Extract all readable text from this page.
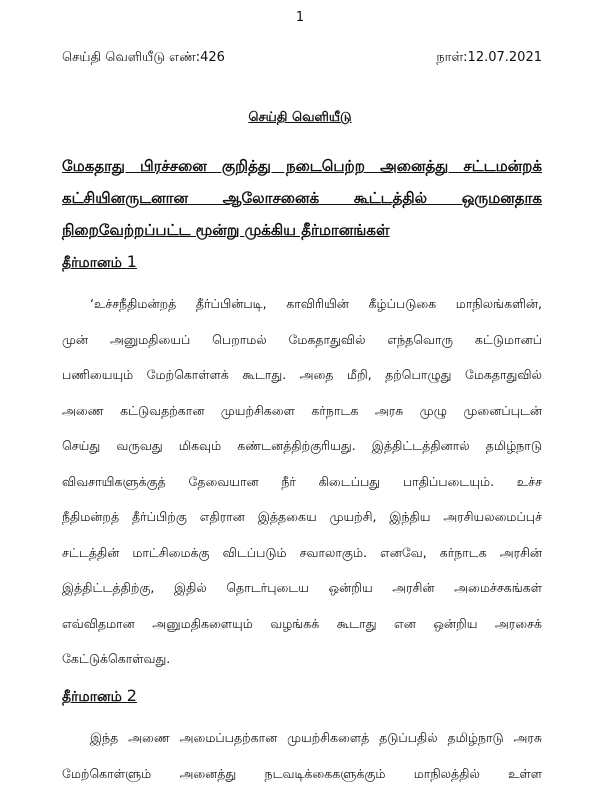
1
செய்தி வெளியீடு எண்:426	நாள்:12.07.2021
செய்தி வெளியீடு
மேகதாது பிரச்சனை குறித்து நடைபெற்ற அனைத்து சட்டமன்றக்
கட்சியினருடனான ஆலோசனைக் கூட்டத்தில் ஒருமனதாக
நிறைவேற்றப்பட்ட மூன்று முக்கிய தீர்மானங்கள்
தீர்மானம் 1
‘உச்சநீதிமன்றத் தீர்ப்பின்படி, காவிரியின் கீழ்ப்படுகை மாநிலங்களின்,
முன் அனுமதியைப் பெறாமல் மேகதாதுவில் எந்தவொரு கட்டுமானப்
பணியையும் மேற்கொள்ளக் கூடாது. அதை மீறி, தற்பொழுது மேகதாதுவில்
அணை கட்டுவதற்கான முயற்சிகளை கர்நாடக அரசு முழு முனைப்புடன்
செய்து வருவது மிகவும் கண்டனத்திற்குரியது. இத்திட்டத்தினால் தமிழ்நாடு
விவசாயிகளுக்குத் தேவையான நீர் கிடைப்பது பாதிப்படையும். உச்ச
நீதிமன்றத் தீர்ப்பிற்கு எதிரான இத்தகைய முயற்சி, இந்திய அரசியலமைப்புச்
சட்டத்தின் மாட்சிமைக்கு விடப்படும் சவாலாகும். எனவே, கர்நாடக அரசின்
இத்திட்டத்திற்கு, இதில் தொடர்புடைய ஒன்றிய அரசின் அமைச்சகங்கள்
எவ்விதமான அனுமதிகளையும் வழங்கக் கூடாது என ஒன்றிய அரசைக்
கேட்டுக்கொள்வது.
தீர்மானம் 2
இந்த அணை அமைப்பதற்கான முயற்சிகளைத் தடுப்பதில் தமிழ்நாடு அரசு
மேற்கொள்ளும் அனைத்து நடவடிக்கைகளுக்கும் மாநிலத்தில் உள்ள
